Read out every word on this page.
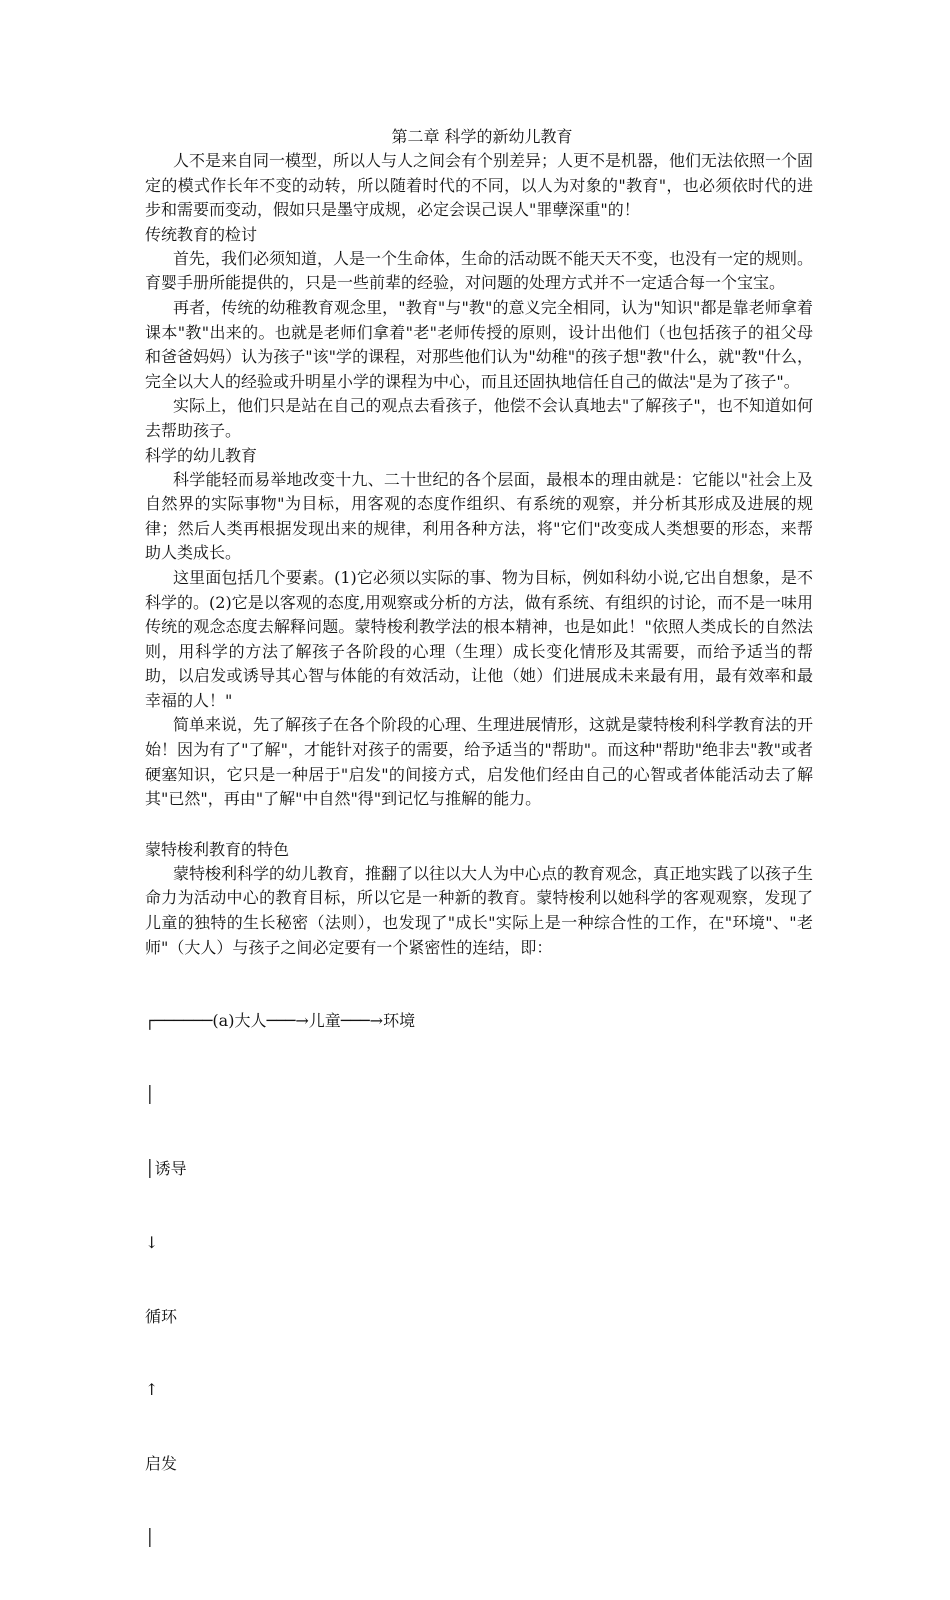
第二章 科学的新幼儿教育

人不是来自同一模型，所以人与人之间会有个别差异；人更不是机器，他们无法依照一个固定的模式作长年不变的动转，所以随着时代的不同，以人为对象的"教育"，也必须依时代的进步和需要而变动，假如只是墨守成规，必定会误己误人"罪孽深重"的！

传统教育的检讨

首先，我们必须知道，人是一个生命体，生命的活动既不能天天不变，也没有一定的规则。育婴手册所能提供的，只是一些前辈的经验，对问题的处理方式并不一定适合每一个宝宝。

再者，传统的幼稚教育观念里，"教育"与"教"的意义完全相同，认为"知识"都是靠老师拿着课本"教"出来的。也就是老师们拿着"老"老师传授的原则，设计出他们（也包括孩子的祖父母和爸爸妈妈）认为孩子"该"学的课程，对那些他们认为"幼稚"的孩子想"教"什么，就"教"什么，完全以大人的经验或升明星小学的课程为中心，而且还固执地信任自己的做法"是为了孩子"。

实际上，他们只是站在自己的观点去看孩子，他偿不会认真地去"了解孩子"，也不知道如何去帮助孩子。

科学的幼儿教育

科学能轻而易举地改变十九、二十世纪的各个层面，最根本的理由就是：它能以"社会上及自然界的实际事物"为目标，用客观的态度作组织、有系统的观察，并分析其形成及进展的规律；然后人类再根据发现出来的规律，利用各种方法，将"它们"改变成人类想要的形态，来帮助人类成长。

这里面包括几个要素。(1)它必须以实际的事、物为目标，例如科幼小说,它出自想象，是不科学的。(2)它是以客观的态度,用观察或分析的方法，做有系统、有组织的讨论，而不是一味用传统的观念态度去解释问题。蒙特梭利教学法的根本精神，也是如此！"依照人类成长的自然法则，用科学的方法了解孩子各阶段的心理（生理）成长变化情形及其需要，而给予适当的帮助，以启发或诱导其心智与体能的有效活动，让他（她）们进展成未来最有用，最有效率和最幸福的人！"

简单来说，先了解孩子在各个阶段的心理、生理进展情形，这就是蒙特梭利科学教育法的开始！因为有了"了解"，才能针对孩子的需要，给予适当的"帮助"。而这种"帮助"绝非去"教"或者硬塞知识，它只是一种居于"启发"的间接方式，启发他们经由自己的心智或者体能活动去了解其"已然"，再由"了解"中自然"得"到记忆与推解的能力。

蒙特梭利教育的特色

蒙特梭利科学的幼儿教育，推翻了以往以大人为中心点的教育观念，真正地实践了以孩子生命力为活动中心的教育目标，所以它是一种新的教育。蒙特梭利以她科学的客观观察，发现了儿童的独特的生长秘密（法则），也发现了"成长"实际上是一种综合性的工作，在"环境"、"老师"（大人）与孩子之间必定要有一个紧密性的连结，即：

┌──────(a)大人───→儿童───→环境

│

│诱导

↓

循环

↑

启发

│
